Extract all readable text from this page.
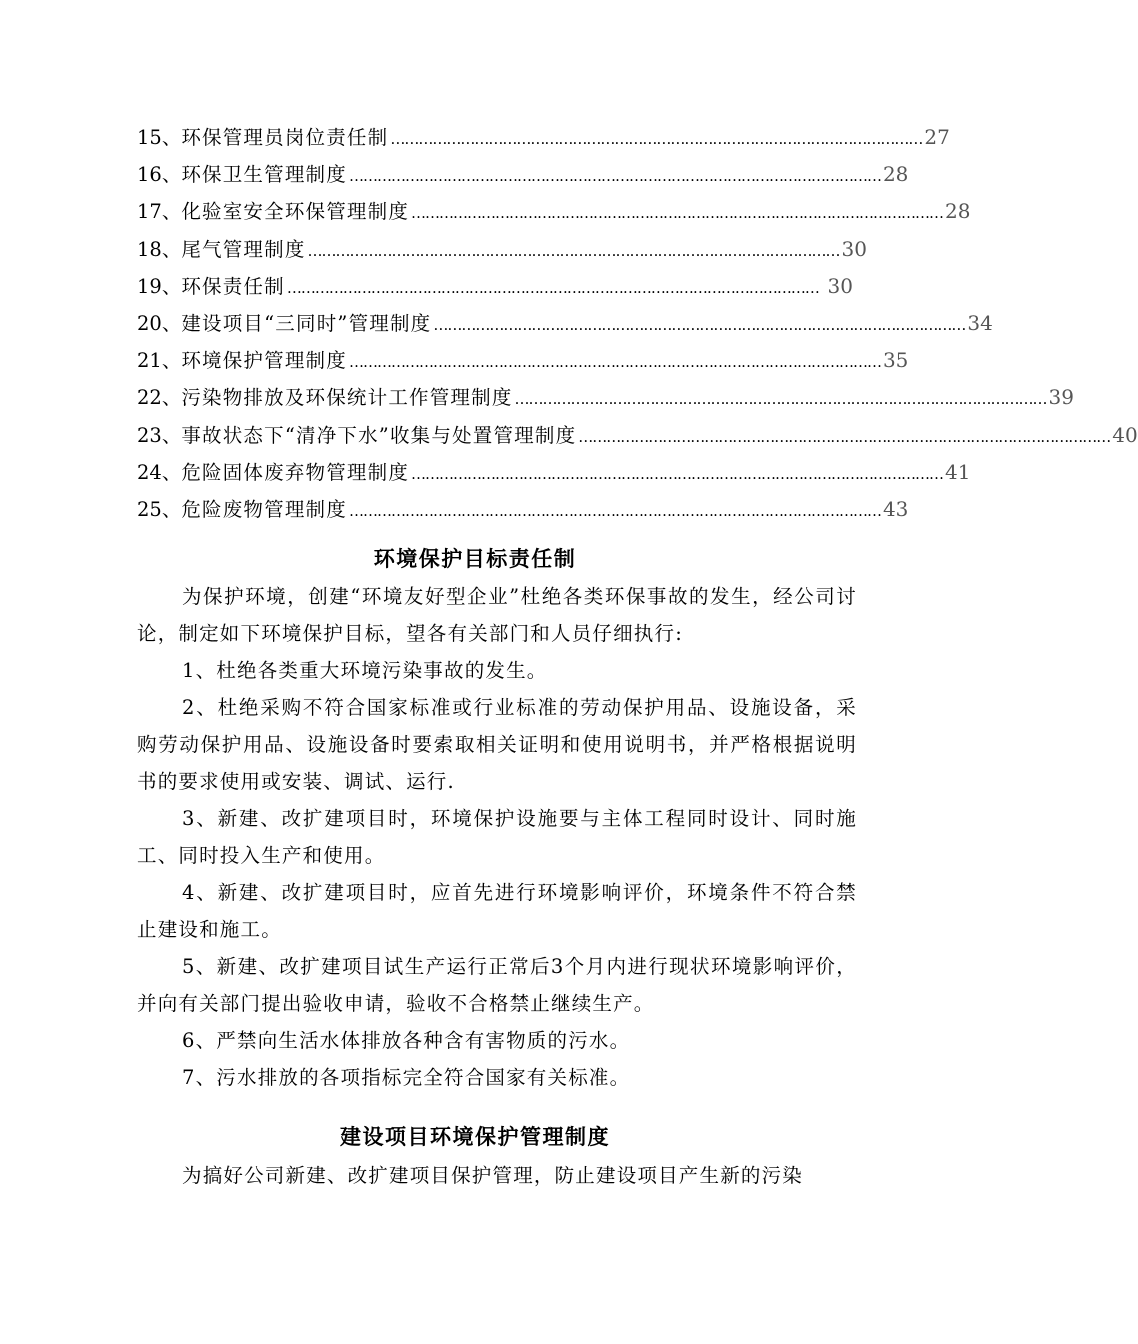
15、 环保管理员岗位责任制 …………………………………………………………………………………………………… 27
16、 环保卫生管理制度 …………………………………………………………………………………………………… 28
17、 化验室安全环保管理制度 …………………………………………………………………………………………………… 28
18、 尾气管理制度 …………………………………………………………………………………………………… 30
19、 环保责任制 …………………………………………………………………………………………………… 30
20、 建设项目“三同时”管理制度 …………………………………………………………………………………………………… 34
21、 环境保护管理制度 …………………………………………………………………………………………………… 35
22、 污染物排放及环保统计工作管理制度 …………………………………………………………………………………………………… 39
23、 事故状态下“清净下水”收集与处置管理制度 …………………………………………………………………………………………………… 40
24、 危险固体废弃物管理制度 …………………………………………………………………………………………………… 41
25、 危险废物管理制度 …………………………………………………………………………………………………… 43
环境保护目标责任制

为保护环境，创建“环境友好型企业”杜绝各类环保事故的发生，经公司讨论，制定如下环境保护目标，望各有关部门和人员仔细执行:

1、杜绝各类重大环境污染事故的发生。

2、杜绝采购不符合国家标准或行业标准的劳动保护用品、设施设备，采购劳动保护用品、设施设备时要索取相关证明和使用说明书，并严格根据说明书的要求使用或安装、调试、运行.

3、新建、改扩建项目时，环境保护设施要与主体工程同时设计、同时施工、同时投入生产和使用。

4、新建、改扩建项目时，应首先进行环境影响评价，环境条件不符合禁止建设和施工。

5、新建、改扩建项目试生产运行正常后3个月内进行现状环境影响评价，并向有关部门提出验收申请，验收不合格禁止继续生产。

6、严禁向生活水体排放各种含有害物质的污水。

7、污水排放的各项指标完全符合国家有关标准。

建设项目环境保护管理制度

为搞好公司新建、改扩建项目保护管理，防止建设项目产生新的污染
